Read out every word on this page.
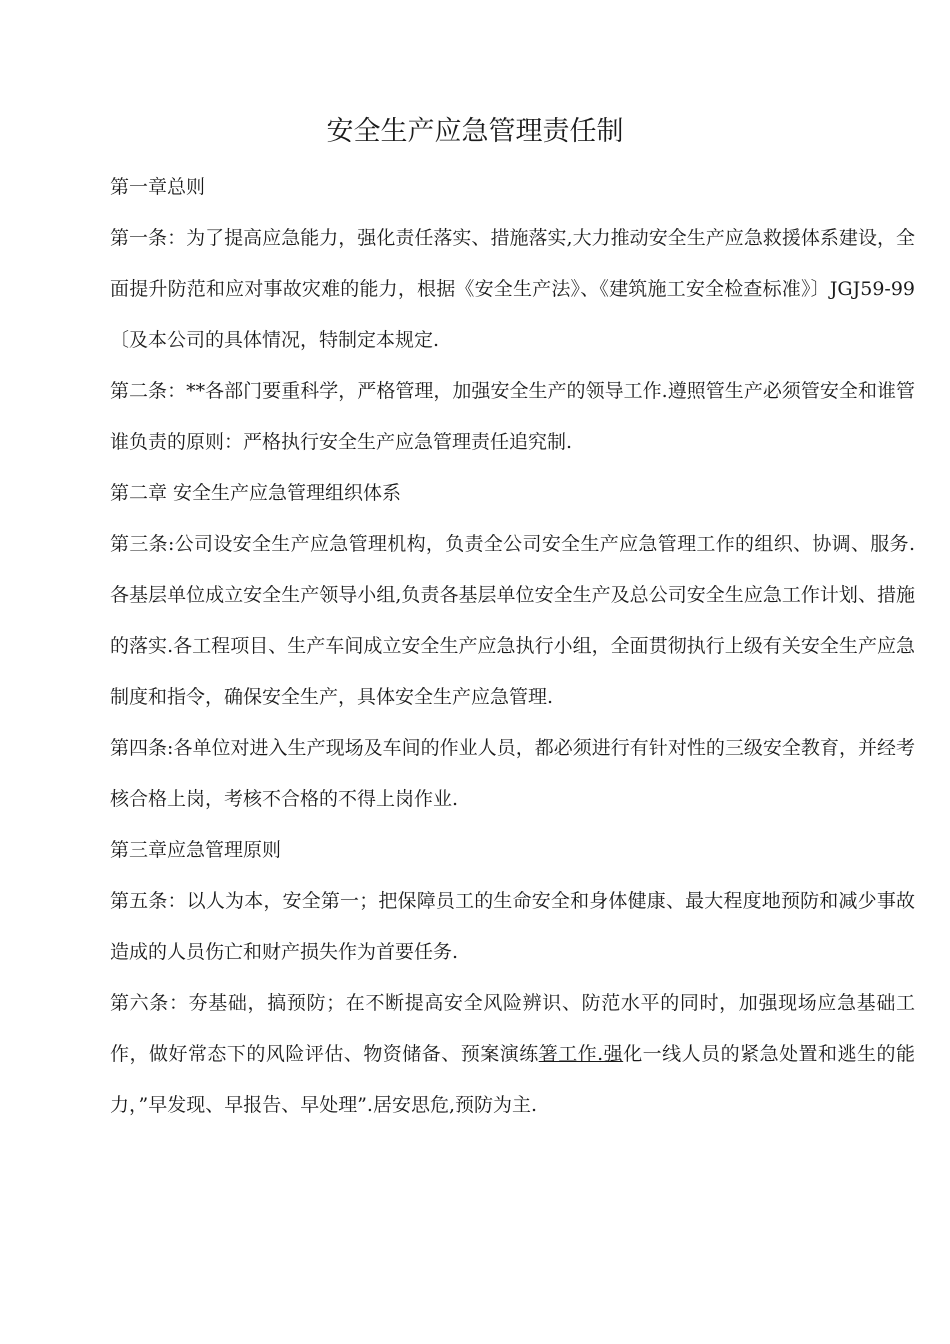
安全生产应急管理责任制

第一章总则

第一条：为了提高应急能力，强化责任落实、措施落实,大力推动安全生产应急救援体系建设，全面提升防范和应对事故灾难的能力，根据《安全生产法》、《建筑施工安全检查标准》〕JGJ59-99〔及本公司的具体情况，特制定本规定.

第二条：**各部门要重科学，严格管理，加强安全生产的领导工作.遵照管生产必须管安全和谁管谁负责的原则：严格执行安全生产应急管理责任追究制.

第二章 安全生产应急管理组织体系

第三条:公司设安全生产应急管理机构，负责全公司安全生产应急管理工作的组织、协调、服务.各基层单位成立安全生产领导小组,负责各基层单位安全生产及总公司安全生应急工作计划、措施的落实.各工程项目、生产车间成立安全生产应急执行小组，全面贯彻执行上级有关安全生产应急制度和指令，确保安全生产，具体安全生产应急管理.

第四条:各单位对进入生产现场及车间的作业人员，都必须进行有针对性的三级安全教育，并经考核合格上岗，考核不合格的不得上岗作业.

第三章应急管理原则

第五条：以人为本，安全第一；把保障员工的生命安全和身体健康、最大程度地预防和减少事故造成的人员伤亡和财产损失作为首要任务.

第六条：夯基础，搞预防；在不断提高安全风险辨识、防范水平的同时，加强现场应急基础工作，做好常态下的风险评估、物资储备、预案演练箸工作.强化一线人员的紧急处置和逃生的能力，”早发现、早报告、早处理”.居安思危,预防为主.
